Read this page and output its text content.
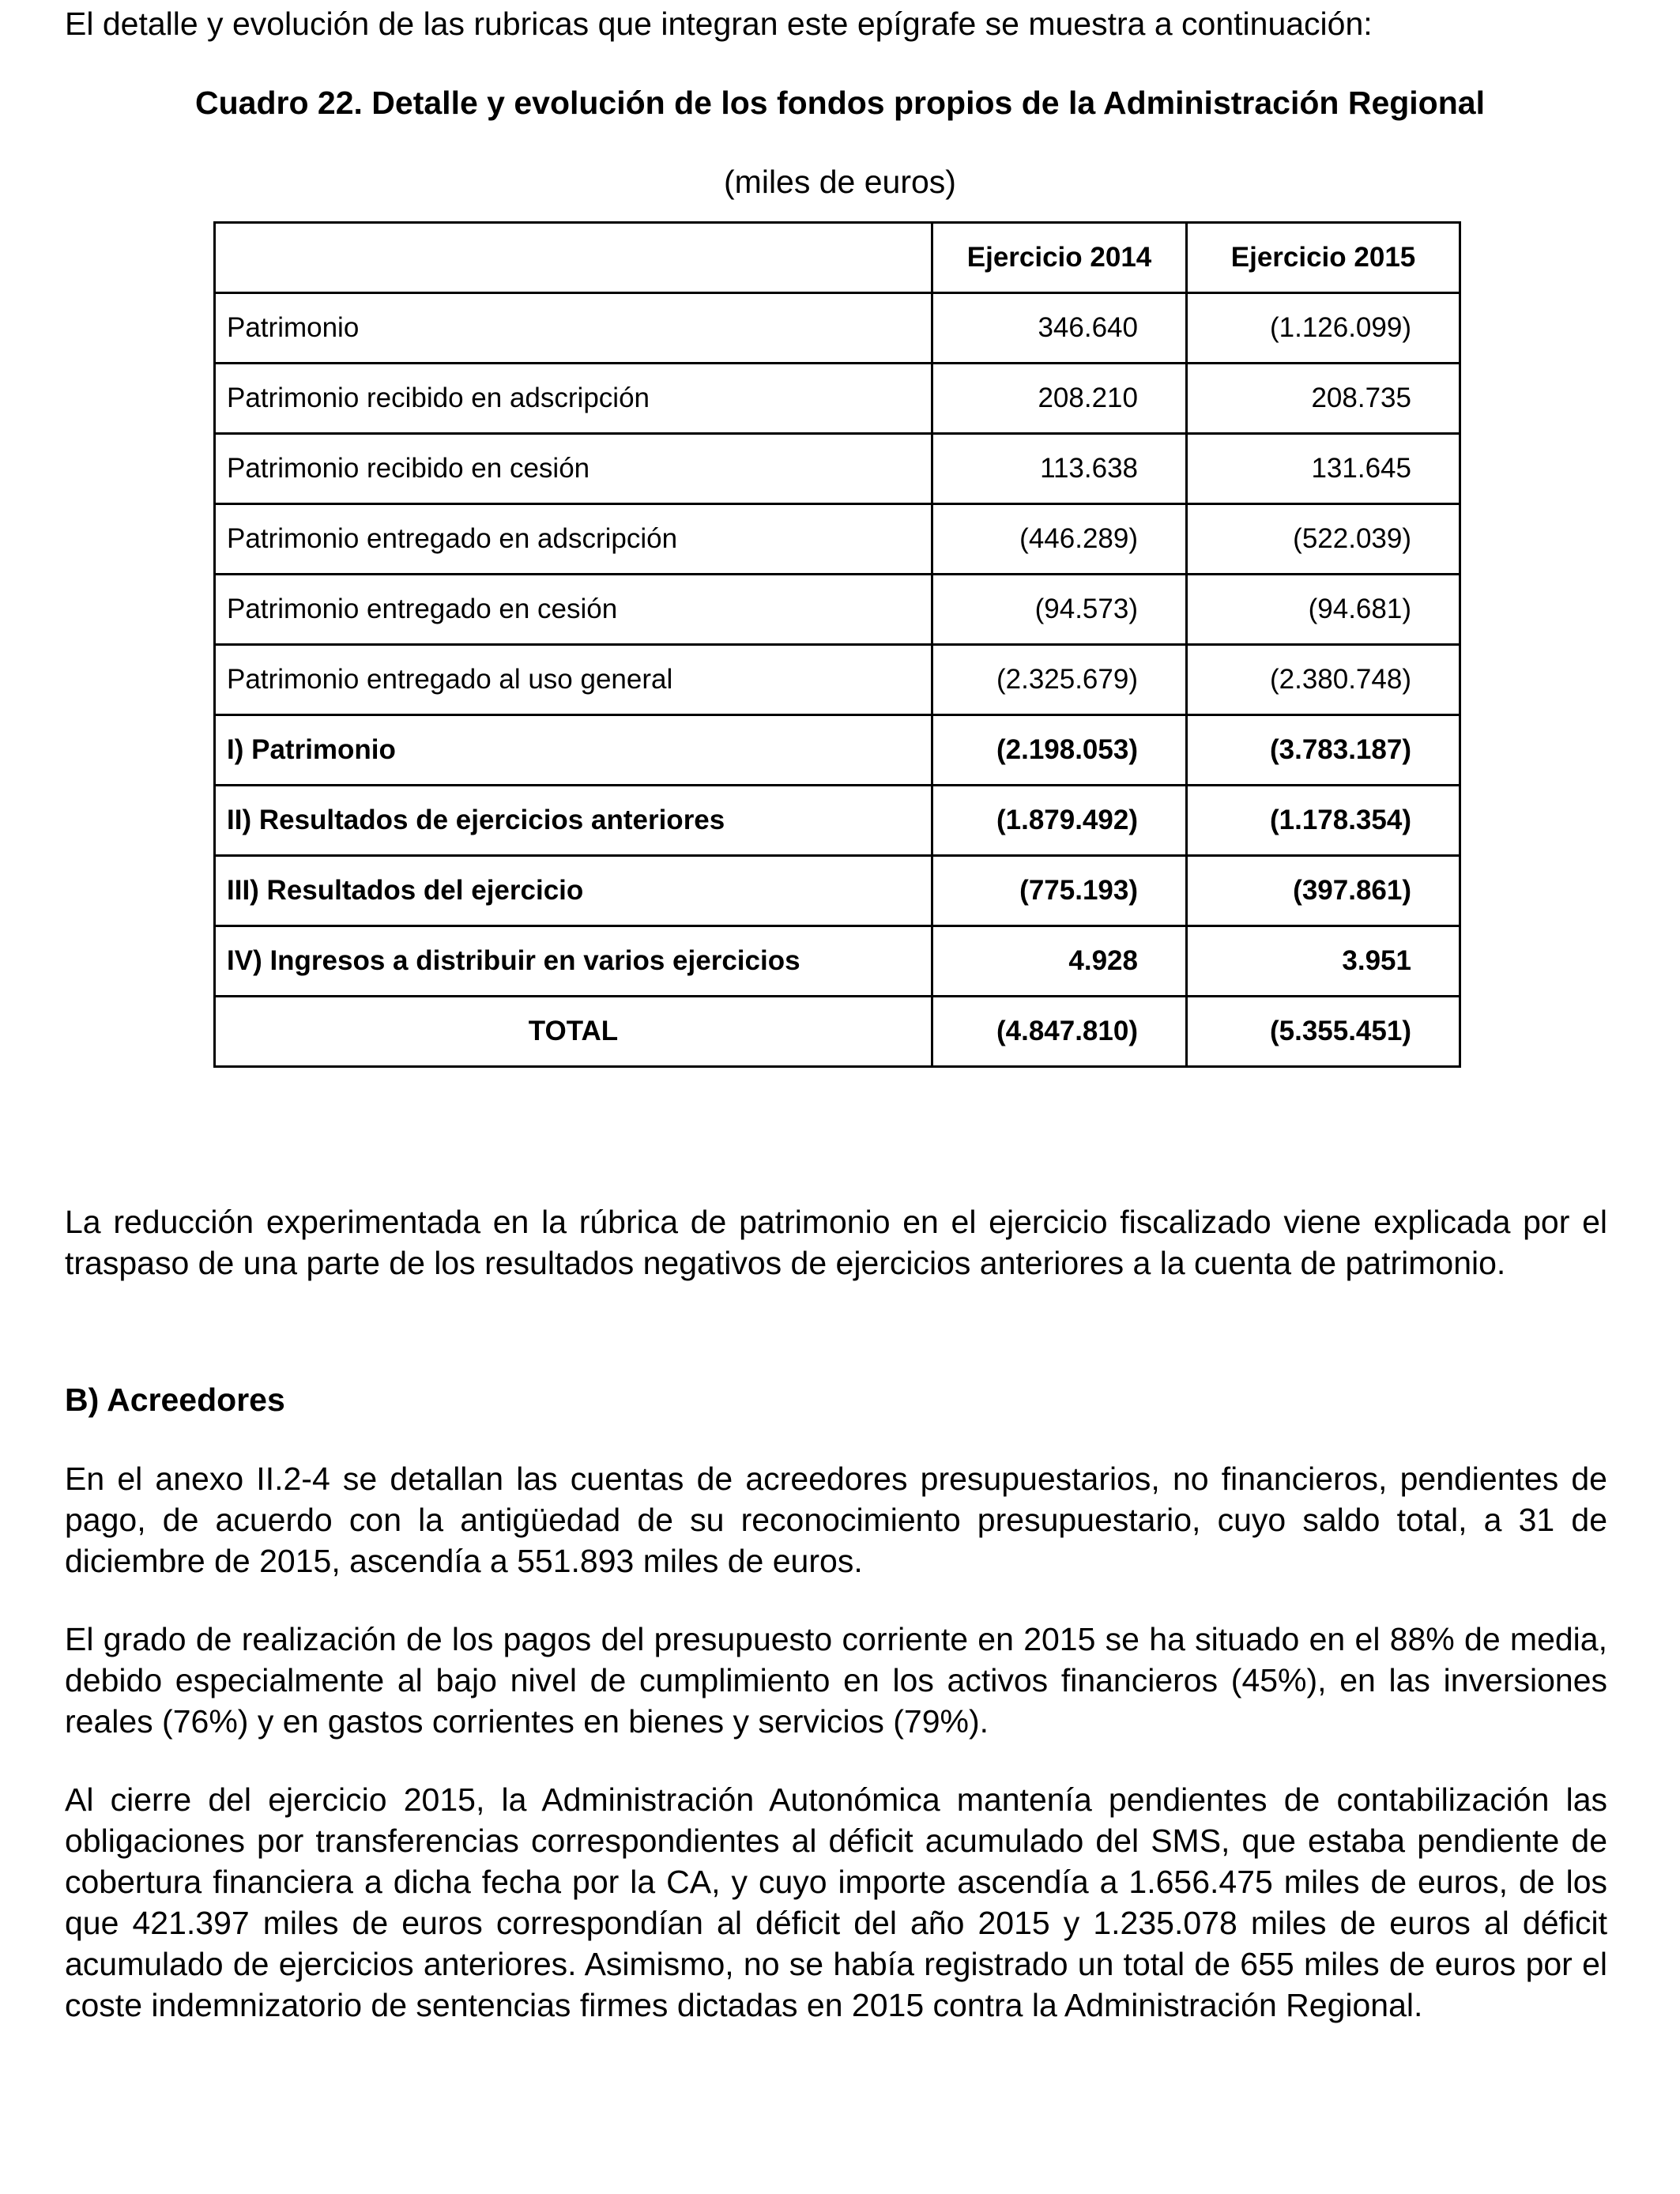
El detalle y evolución de las rubricas que integran este epígrafe se muestra a continuación:

Cuadro 22. Detalle y evolución de los fondos propios de la Administración Regional

(miles de euros)

	Ejercicio 2014	Ejercicio 2015
Patrimonio	346.640	(1.126.099)
Patrimonio recibido en adscripción	208.210	208.735
Patrimonio recibido en cesión	113.638	131.645
Patrimonio entregado en adscripción	(446.289)	(522.039)
Patrimonio entregado en cesión	(94.573)	(94.681)
Patrimonio entregado al uso general	(2.325.679)	(2.380.748)
I) Patrimonio	(2.198.053)	(3.783.187)
II) Resultados de ejercicios anteriores	(1.879.492)	(1.178.354)
III) Resultados del ejercicio	(775.193)	(397.861)
IV) Ingresos a distribuir en varios ejercicios	4.928	3.951
TOTAL	(4.847.810)	(5.355.451)

La reducción experimentada en la rúbrica de patrimonio en el ejercicio fiscalizado viene explicada por el traspaso de una parte de los resultados negativos de ejercicios anteriores a la cuenta de patrimonio.

B) Acreedores

En el anexo II.2-4 se detallan las cuentas de acreedores presupuestarios, no financieros, pendientes de pago, de acuerdo con la antigüedad de su reconocimiento presupuestario, cuyo saldo total, a 31 de diciembre de 2015, ascendía a 551.893 miles de euros.

El grado de realización de los pagos del presupuesto corriente en 2015 se ha situado en el 88% de media, debido especialmente al bajo nivel de cumplimiento en los activos financieros (45%), en las inversiones reales (76%) y en gastos corrientes en bienes y servicios (79%).

Al cierre del ejercicio 2015, la Administración Autonómica mantenía pendientes de contabilización las obligaciones por transferencias correspondientes al déficit acumulado del SMS, que estaba pendiente de cobertura financiera a dicha fecha por la CA, y cuyo importe ascendía a 1.656.475 miles de euros, de los que 421.397 miles de euros correspondían al déficit del año 2015 y 1.235.078 miles de euros al déficit acumulado de ejercicios anteriores. Asimismo, no se había registrado un total de 655 miles de euros por el coste indemnizatorio de sentencias firmes dictadas en 2015 contra la Administración Regional.
